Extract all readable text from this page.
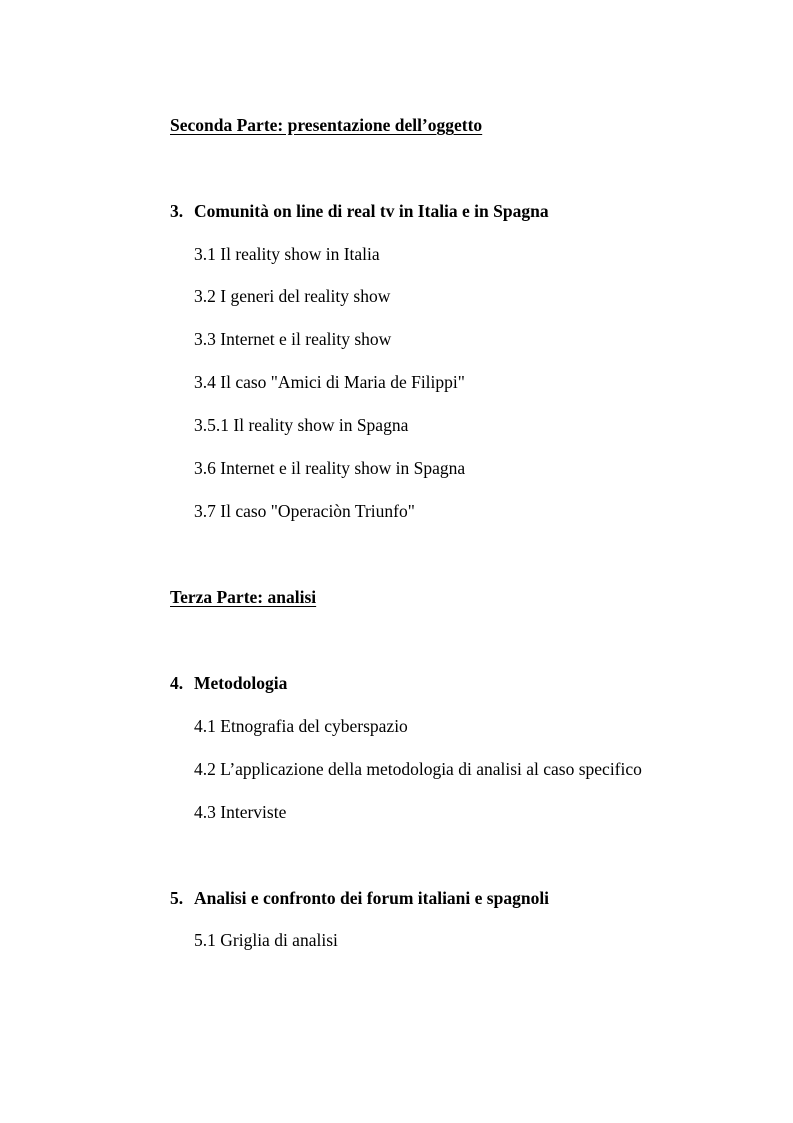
Seconda Parte: presentazione dell’oggetto
3. Comunità on line di real tv in Italia e in Spagna
3.1 Il reality show in Italia
3.2 I generi del reality show
3.3 Internet e il reality show
3.4 Il caso "Amici di Maria de Filippi"
3.5.1 Il reality show in Spagna
3.6 Internet e il reality show in Spagna
3.7 Il caso "Operaciòn Triunfo"
Terza Parte: analisi
4. Metodologia
4.1 Etnografia del cyberspazio
4.2 L’applicazione della metodologia di analisi al caso specifico
4.3 Interviste
5. Analisi e confronto dei forum italiani e spagnoli
5.1 Griglia di analisi
